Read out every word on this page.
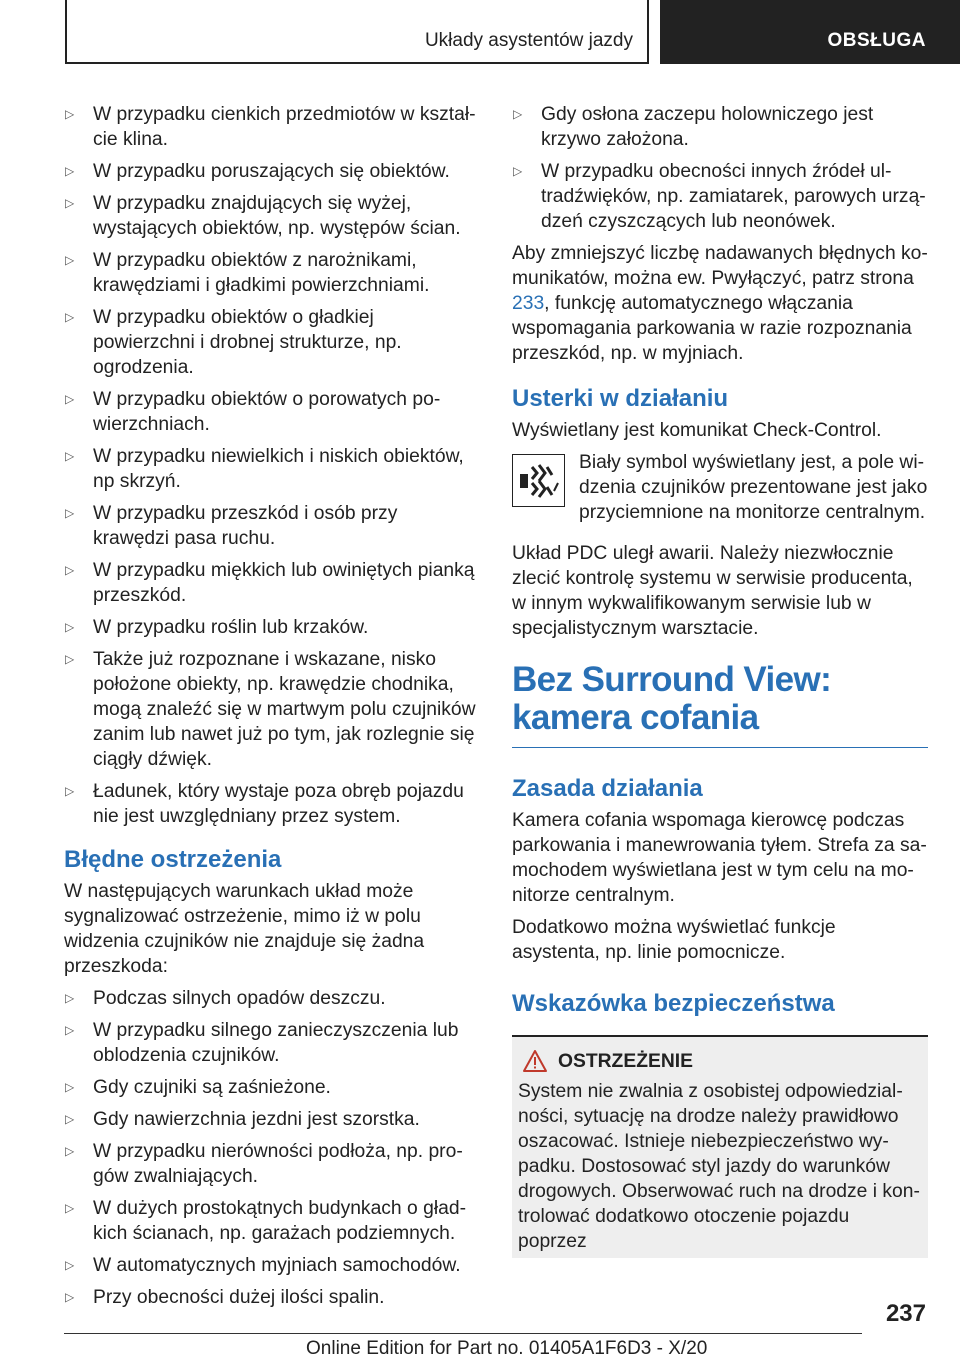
Układy asystentów jazdy	OBSŁUGA
▷ W przypadku cienkich przedmiotów w kształcie klina.
▷ W przypadku poruszających się obiektów.
▷ W przypadku znajdujących się wyżej, wystających obiektów, np. występów ścian.
▷ W przypadku obiektów z narożnikami, krawędziami i gładkimi powierzchniami.
▷ W przypadku obiektów o gładkiej powierzchni i drobnej strukturze, np. ogrodzenia.
▷ W przypadku obiektów o porowatych powierzchniach.
▷ W przypadku niewielkich i niskich obiektów, np skrzyń.
▷ W przypadku przeszkód i osób przy krawędzi pasa ruchu.
▷ W przypadku miękkich lub owiniętych pianką przeszkód.
▷ W przypadku roślin lub krzaków.
▷ Także już rozpoznane i wskazane, nisko położone obiekty, np. krawędzie chodnika, mogą znaleźć się w martwym polu czujników zanim lub nawet już po tym, jak rozlegnie się ciągły dźwięk.
▷ Ładunek, który wystaje poza obręb pojazdu nie jest uwzględniany przez system.
Błędne ostrzeżenia

W następujących warunkach układ może sygnalizować ostrzeżenie, mimo iż w polu widzenia czujników nie znajduje się żadna przeszkoda:

▷ Podczas silnych opadów deszczu.
▷ W przypadku silnego zanieczyszczenia lub oblodzenia czujników.
▷ Gdy czujniki są zaśnieżone.
▷ Gdy nawierzchnia jezdni jest szorstka.
▷ W przypadku nierówności podłoża, np. progów zwalniających.
▷ W dużych prostokątnych budynkach o gładkich ścianach, np. garażach podziemnych.
▷ W automatycznych myjniach samochodów.
▷ Przy obecności dużej ilości spalin.
▷ Gdy osłona zaczepu holowniczego jest krzywo założona.
▷ W przypadku obecności innych źródeł ultradźwięków, np. zamiatarek, parowych urządzeń czyszczących lub neonówek.

Aby zmniejszyć liczbę nadawanych błędnych komunikatów, można ew. Pwyłączyć, patrz strona 233, funkcję automatycznego włączania wspomagania parkowania w razie rozpoznania przeszkód, np. w myjniach.

Usterki w działaniu

Wyświetlany jest komunikat Check-Control.

Biały symbol wyświetlany jest, a pole widzenia czujników prezentowane jest jako przyciemnione na monitorze centralnym.

Układ PDC uległ awarii. Należy niezwłocznie zlecić kontrolę systemu w serwisie producenta, w innym wykwalifikowanym serwisie lub w specjalistycznym warsztacie.

Bez Surround View: kamera cofania
Zasada działania

Kamera cofania wspomaga kierowcę podczas parkowania i manewrowania tyłem. Strefa za samochodem wyświetlana jest w tym celu na monitorze centralnym.

Dodatkowo można wyświetlać funkcje asystenta, np. linie pomocnicze.

Wskazówka bezpieczeństwa
OSTRZEŻENIE

System nie zwalnia z osobistej odpowiedzialności, sytuację na drodze należy prawidłowo oszacować. Istnieje niebezpieczeństwo wypadku. Dostosować styl jazdy do warunków drogowych. Obserwować ruch na drodze i kontrolować dodatkowo otoczenie pojazdu poprzez

237
Online Edition for Part no. 01405A1F6D3 - X/20
